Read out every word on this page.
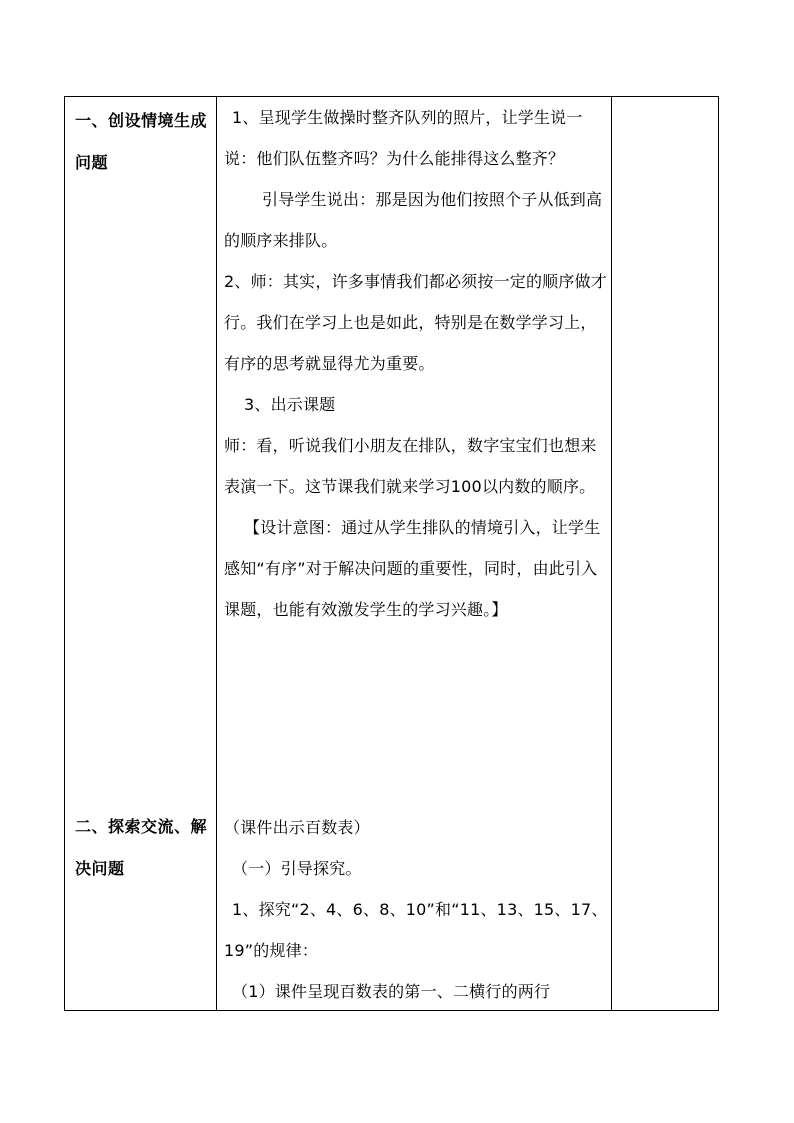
一、创设情境生成问题

1、呈现学生做操时整齐队列的照片，让学生说一说：他们队伍整齐吗？为什么能排得这么整齐？

引导学生说出：那是因为他们按照个子从低到高的顺序来排队。

2、师：其实，许多事情我们都必须按一定的顺序做才行。我们在学习上也是如此，特别是在数学学习上，有序的思考就显得尤为重要。

3、出示课题

师：看，听说我们小朋友在排队，数字宝宝们也想来表演一下。这节课我们就来学习100以内数的顺序。

【设计意图：通过从学生排队的情境引入，让学生感知“有序”对于解决问题的重要性，同时，由此引入课题，也能有效激发学生的学习兴趣。】

二、探索交流、解决问题

（课件出示百数表）

（一）引导探究。

1、探究“2、4、6、8、10”和“11、13、15、17、19”的规律：

（1）课件呈现百数表的第一、二横行的两行
